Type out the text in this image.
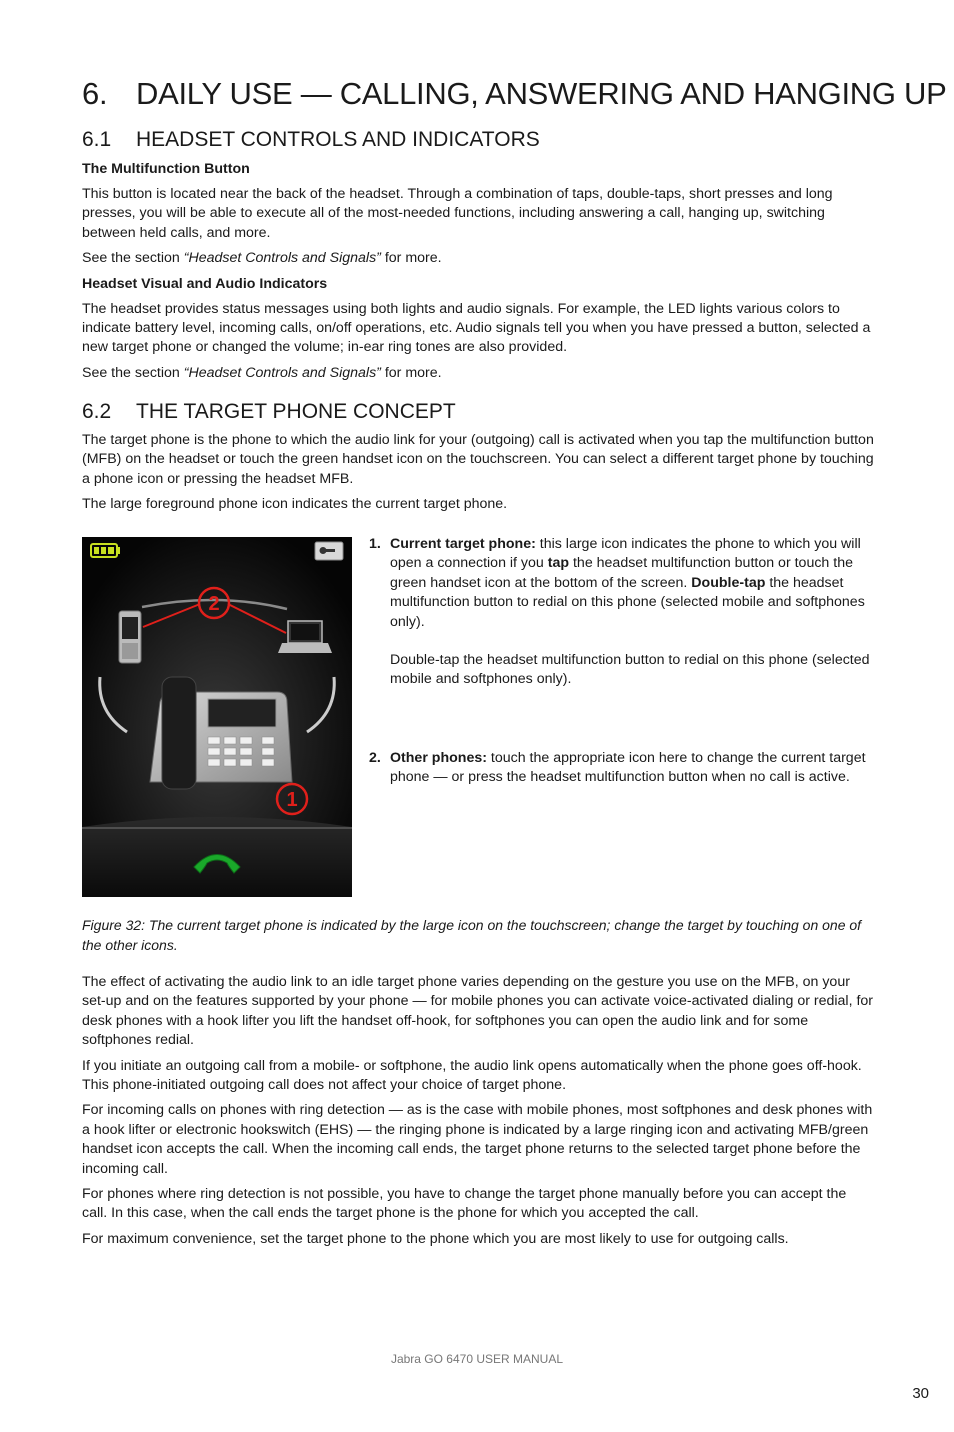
6. DAILY USE — CALLING, ANSWERING AND HANGING UP
6.1 HEADSET CONTROLS AND INDICATORS

The Multifunction Button

This button is located near the back of the headset. Through a combination of taps, double-taps, short presses and long presses, you will be able to execute all of the most-needed functions, including answering a call, hanging up, switching between held calls, and more.

See the section “Headset Controls and Signals” for more.

Headset Visual and Audio Indicators

The headset provides status messages using both lights and audio signals. For example, the LED lights various colors to indicate battery level, incoming calls, on/off operations, etc. Audio signals tell you when you have pressed a button, selected a new target phone or changed the volume; in-ear ring tones are also provided.

See the section “Headset Controls and Signals” for more.

6.2 THE TARGET PHONE CONCEPT

The target phone is the phone to which the audio link for your (outgoing) call is activated when you tap the multifunction button (MFB) on the headset or touch the green handset icon on the touchscreen. You can select a different target phone by touching a phone icon or pressing the headset MFB.

The large foreground phone icon indicates the current target phone.

2
1
1. Current target phone: this large icon indicates the phone to which you will open a connection if you tap the headset multifunction button or touch the green handset icon at the bottom of the screen. Double-tap the headset multifunction button to redial on this phone (selected mobile and softphones only).

Double-tap the headset multifunction button to redial on this phone (selected mobile and softphones only).

2. Other phones: touch the appropriate icon here to change the current target phone — or press the headset multifunction button when no call is active.

Figure 32: The current target phone is indicated by the large icon on the touchscreen; change the target by touching on one of the other icons.

The effect of activating the audio link to an idle target phone varies depending on the gesture you use on the MFB, on your set-up and on the features supported by your phone — for mobile phones you can activate voice-activated dialing or redial, for desk phones with a hook lifter you lift the handset off-hook, for softphones you can open the audio link and for some softphones redial.

If you initiate an outgoing call from a mobile- or softphone, the audio link opens automatically when the phone goes off-hook. This phone-initiated outgoing call does not affect your choice of target phone.

For incoming calls on phones with ring detection — as is the case with mobile phones, most softphones and desk phones with a hook lifter or electronic hookswitch (EHS) — the ringing phone is indicated by a large ringing icon and activating MFB/green handset icon accepts the call. When the incoming call ends, the target phone returns to the selected target phone before the incoming call.

For phones where ring detection is not possible, you have to change the target phone manually before you can accept the call. In this case, when the call ends the target phone is the phone for which you accepted the call.

For maximum convenience, set the target phone to the phone which you are most likely to use for outgoing calls.

Jabra GO 6470 USER MANUAL
30
